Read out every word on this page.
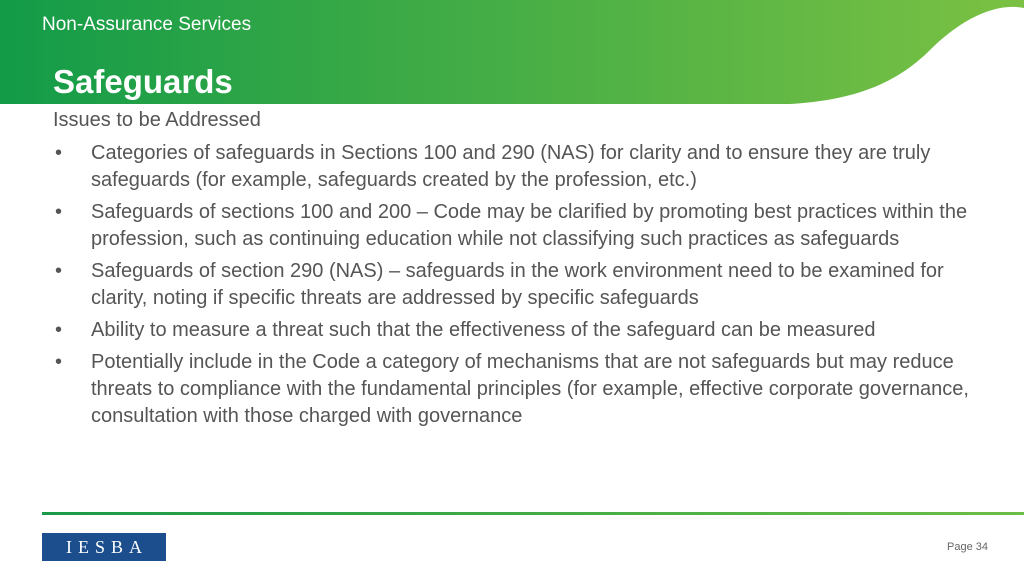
Non-Assurance Services
Safeguards
Issues to be Addressed
• Categories of safeguards in Sections 100 and 290 (NAS) for clarity and to ensure they are truly safeguards (for example, safeguards created by the profession, etc.)
• Safeguards of sections 100 and 200 – Code may be clarified by promoting best practices within the profession, such as continuing education while not classifying such practices as safeguards
• Safeguards of section 290 (NAS) – safeguards in the work environment need to be examined for clarity, noting if specific threats are addressed by specific safeguards
• Ability to measure a threat such that the effectiveness of the safeguard can be measured
• Potentially include in the Code a category of mechanisms that are not safeguards but may reduce threats to compliance with the fundamental principles (for example, effective corporate governance, consultation with those charged with governance
IESBA	Page 34
